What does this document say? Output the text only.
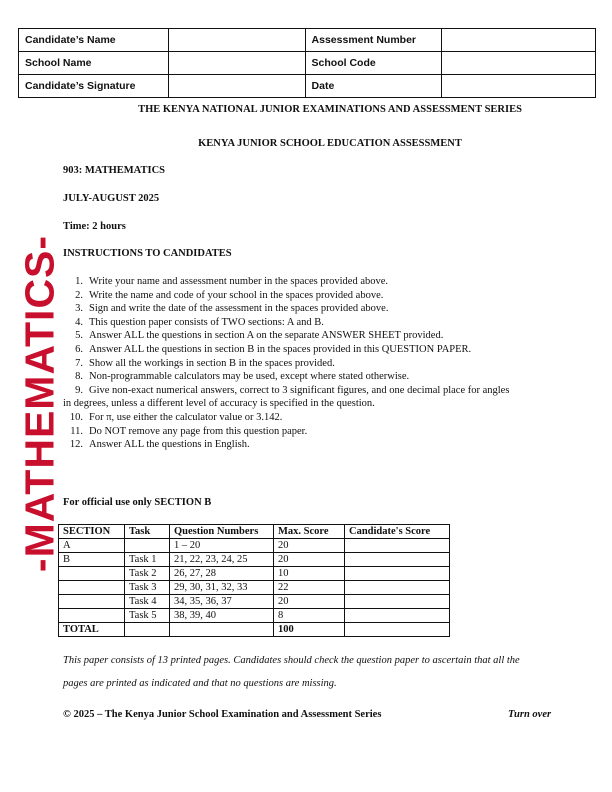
Candidate’s Name		Assessment Number	
School Name		School Code	
Candidate’s Signature		Date	
THE KENYA NATIONAL JUNIOR EXAMINATIONS AND ASSESSMENT SERIES
KENYA JUNIOR SCHOOL EDUCATION ASSESSMENT
903: MATHEMATICS
JULY-AUGUST 2025
Time: 2 hours
INSTRUCTIONS TO CANDIDATES
-MATHEMATICS-	1. Write your name and assessment number in the spaces provided above.
2. Write the name and code of your school in the spaces provided above.
3. Sign and write the date of the assessment in the spaces provided above.
4. This question paper consists of TWO sections: A and B.
5. Answer ALL the questions in section A on the separate ANSWER SHEET provided.
6. Answer ALL the questions in section B in the spaces provided in this QUESTION PAPER.
7. Show all the workings in section B in the spaces provided.
8. Non-programmable calculators may be used, except where stated otherwise.
9. Give non-exact numerical answers, correct to 3 significant figures, and one decimal place for angles
in degrees, unless a different level of accuracy is specified in the question.
10. For π, use either the calculator value or 3.142.
11. Do NOT remove any page from this question paper.
12. Answer ALL the questions in English.
For official use only SECTION B
SECTION	Task	Question Numbers	Max. Score	Candidate's Score
A		1 – 20	20	
B	Task 1	21, 22, 23, 24, 25	20	
	Task 2	26, 27, 28	10	
	Task 3	29, 30, 31, 32, 33	22	
	Task 4	34, 35, 36, 37	20	
	Task 5	38, 39, 40	8	
TOTAL			100	
This paper consists of 13 printed pages. Candidates should check the question paper to ascertain that all the
pages are printed as indicated and that no questions are missing.
© 2025 – The Kenya Junior School Examination and Assessment Series	Turn over
